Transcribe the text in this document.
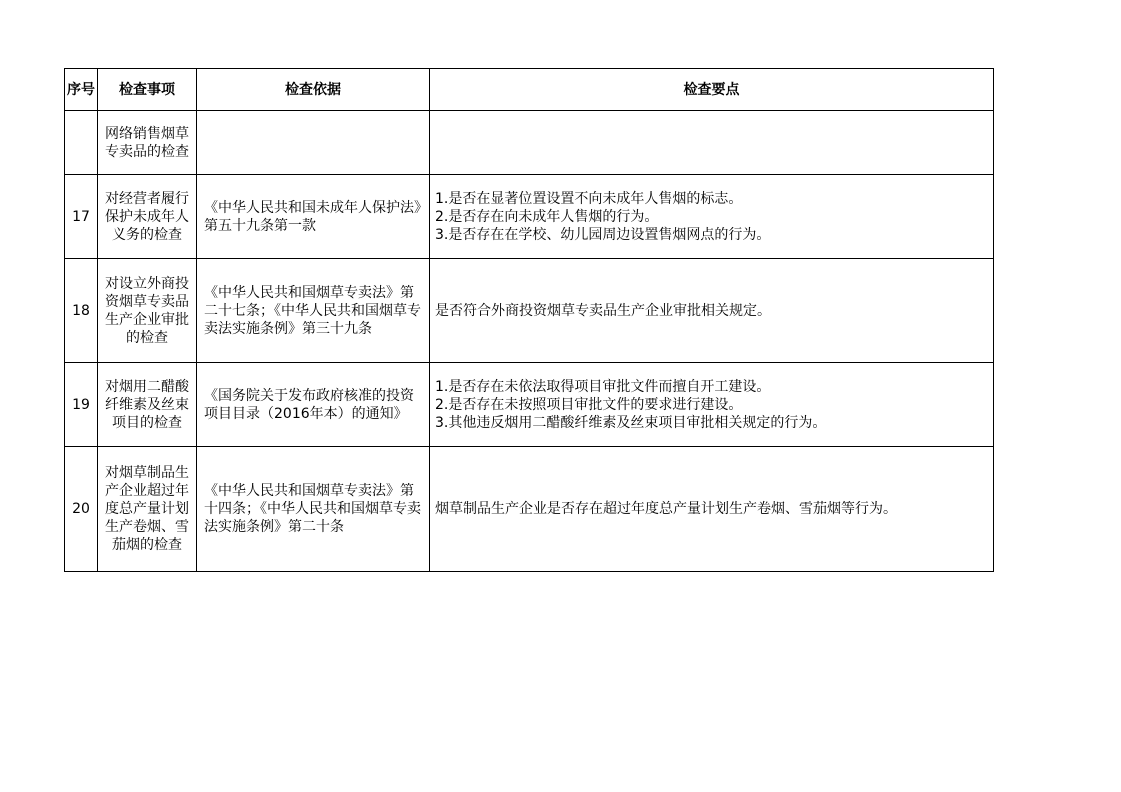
序号	检查事项	检查依据	检查要点
	网络销售烟草专卖品的检查		
17	对经营者履行保护未成年人义务的检查	《中华人民共和国未成年人保护法》第五十九条第一款	1.是否在显著位置设置不向未成年人售烟的标志。
2.是否存在向未成年人售烟的行为。
3.是否存在在学校、幼儿园周边设置售烟网点的行为。

18	对设立外商投资烟草专卖品生产企业审批的检查	《中华人民共和国烟草专卖法》第二十七条；《中华人民共和国烟草专卖法实施条例》第三十九条	是否符合外商投资烟草专卖品生产企业审批相关规定。

19	对烟用二醋酸纤维素及丝束项目的检查	《国务院关于发布政府核准的投资项目目录（2016年本）的通知》	1.是否存在未依法取得项目审批文件而擅自开工建设。
2.是否存在未按照项目审批文件的要求进行建设。
3.其他违反烟用二醋酸纤维素及丝束项目审批相关规定的行为。

20	对烟草制品生产企业超过年度总产量计划生产卷烟、雪茄烟的检查	《中华人民共和国烟草专卖法》第十四条；《中华人民共和国烟草专卖法实施条例》第二十条	烟草制品生产企业是否存在超过年度总产量计划生产卷烟、雪茄烟等行为。
